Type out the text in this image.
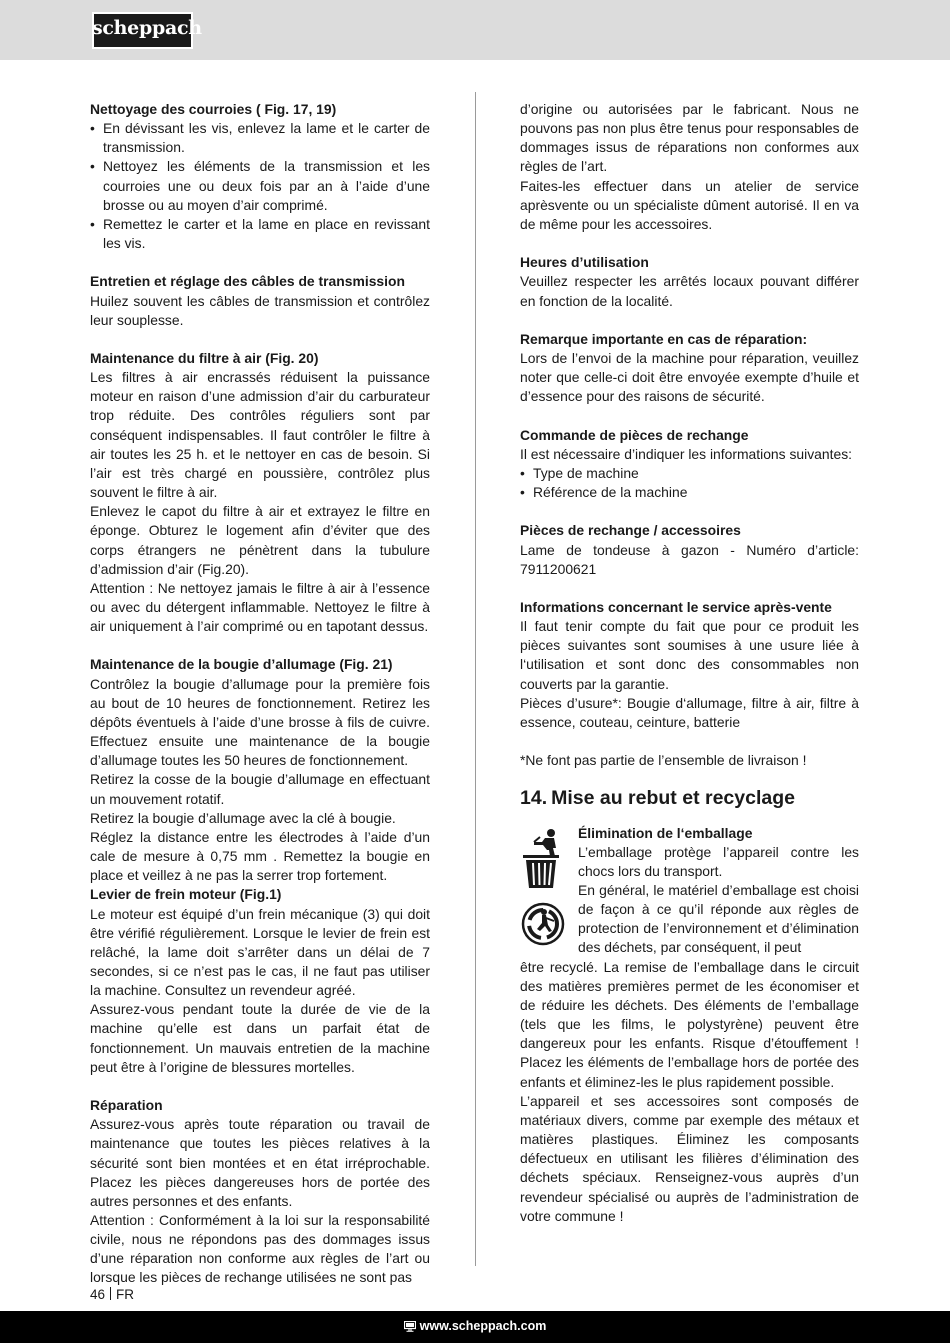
scheppach
Nettoyage des courroies ( Fig. 17, 19)
• En dévissant les vis, enlevez la lame et le carter de transmission.
• Nettoyez les éléments de la transmission et les courroies une ou deux fois par an à l’aide d’une brosse ou au moyen d’air comprimé.
• Remettez le carter et la lame en place en revissant les vis.
Entretien et réglage des câbles de transmission

Huilez souvent les câbles de transmission et contrôlez leur souplesse.

Maintenance du filtre à air (Fig. 20)

Les filtres à air encrassés réduisent la puissance moteur en raison d’une admission d’air du carburateur trop réduite. Des contrôles réguliers sont par conséquent indispensables. Il faut contrôler le filtre à air toutes les 25 h. et le nettoyer en cas de besoin. Si l’air est très chargé en poussière, contrôlez plus souvent le filtre à air.

Enlevez le capot du filtre à air et extrayez le filtre en éponge. Obturez le logement afin d’éviter que des corps étrangers ne pénètrent dans la tubulure d’admission d’air (Fig.20).

Attention : Ne nettoyez jamais le filtre à air à l’essence ou avec du détergent inflammable. Nettoyez le filtre à air uniquement à l’air comprimé ou en tapotant dessus.

Maintenance de la bougie d’allumage (Fig. 21)

Contrôlez la bougie d’allumage pour la première fois au bout de 10 heures de fonctionnement. Retirez les dépôts éventuels à l’aide d’une brosse à fils de cuivre. Effectuez ensuite une maintenance de la bougie d’allumage toutes les 50 heures de fonctionnement.

Retirez la cosse de la bougie d’allumage en effectuant un mouvement rotatif.

Retirez la bougie d’allumage avec la clé à bougie.

Réglez la distance entre les électrodes à l’aide d’un cale de mesure à 0,75 mm . Remettez la bougie en place et veillez à ne pas la serrer trop fortement.

Levier de frein moteur (Fig.1)

Le moteur est équipé d’un frein mécanique (3) qui doit être vérifié régulièrement. Lorsque le levier de frein est relâché, la lame doit s’arrêter dans un délai de 7 secondes, si ce n’est pas le cas, il ne faut pas utiliser la machine. Consultez un revendeur agréé.

Assurez-vous pendant toute la durée de vie de la machine qu’elle est dans un parfait état de fonctionnement. Un mauvais entretien de la machine peut être à l’origine de blessures mortelles.

Réparation

Assurez-vous après toute réparation ou travail de maintenance que toutes les pièces relatives à la sécurité sont bien montées et en état irréprochable. Placez les pièces dangereuses hors de portée des autres personnes et des enfants.

Attention : Conformément à la loi sur la responsabilité civile, nous ne répondons pas des dommages issus d’une réparation non conforme aux règles de l’art ou lorsque les pièces de rechange utilisées ne sont pas

d’origine ou autorisées par le fabricant. Nous ne pouvons pas non plus être tenus pour responsables de dommages issus de réparations non conformes aux règles de l’art.

Faites-les effectuer dans un atelier de service aprèsvente ou un spécialiste dûment autorisé. Il en va de même pour les accessoires.

Heures d’utilisation

Veuillez respecter les arrêtés locaux pouvant différer en fonction de la localité.

Remarque importante en cas de réparation:

Lors de l’envoi de la machine pour réparation, veuillez noter que celle-ci doit être envoyée exempte d’huile et d’essence pour des raisons de sécurité.

Commande de pièces de rechange

Il est nécessaire d’indiquer les informations suivantes:

• Type de machine
• Référence de la machine
Pièces de rechange / accessoires

Lame de tondeuse à gazon - Numéro d’article: 7911200621

Informations concernant le service après-vente

Il faut tenir compte du fait que pour ce produit les pièces suivantes sont soumises à une usure liée à l‘utilisation et sont donc des consommables non couverts par la garantie.

Pièces d’usure*: Bougie d‘allumage, filtre à air, filtre à essence, couteau, ceinture, batterie

*Ne font pas partie de l’ensemble de livraison !

14. Mise au rebut et recyclage

Élimination de l‘emballage

L’emballage protège l’appareil contre les chocs lors du transport.

En général, le matériel d’emballage est choisi de façon à ce qu’il réponde aux règles de protection de l’environnement et d’élimination des déchets, par conséquent, il peut

être recyclé. La remise de l’emballage dans le circuit des matières premières permet de les économiser et de réduire les déchets. Des éléments de l’emballage (tels que les films, le polystyrène) peuvent être dangereux pour les enfants. Risque d’étouffement ! Placez les éléments de l’emballage hors de portée des enfants et éliminez-les le plus rapidement possible.

L’appareil et ses accessoires sont composés de matériaux divers, comme par exemple des métaux et matières plastiques. Éliminez les composants défectueux en utilisant les filières d’élimination des déchets spéciaux. Renseignez-vous auprès d’un revendeur spécialisé ou auprès de l’administration de votre commune !

46 FR
www.scheppach.com
